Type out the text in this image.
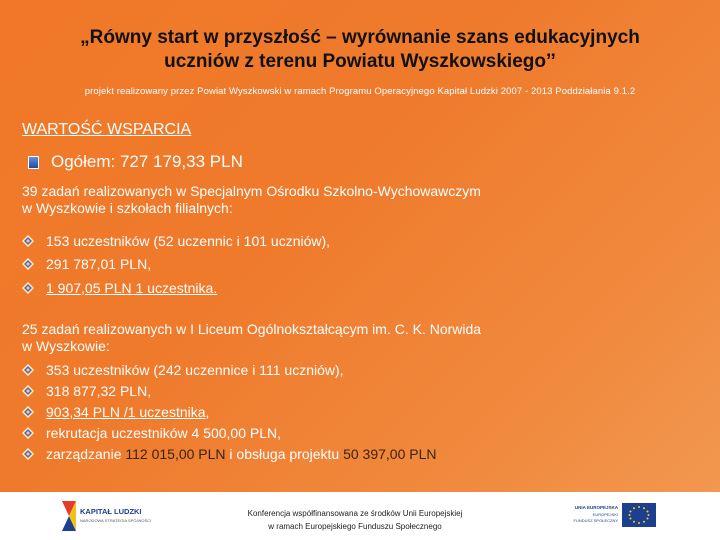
„Równy start w przyszłość – wyrównanie szans edukacyjnych
uczniów z terenu Powiatu Wyszkowskiego’’
projekt realizowany przez Powiat Wyszkowski w ramach Programu Operacyjnego Kapitał Ludzki 2007 - 2013 Poddziałania 9.1.2
WARTOŚĆ WSPARCIA
Ogółem: 727 179,33 PLN
39 zadań realizowanych w Specjalnym Ośrodku Szkolno-Wychowawczym
w Wyszkowie i szkołach filialnych:
153 uczestników (52 uczennic i 101 uczniów),
291 787,01 PLN,
1 907,05 PLN 1 uczestnika.
25 zadań realizowanych w I Liceum Ogólnokształcącym im. C. K. Norwida
w Wyszkowie:
353 uczestników (242 uczennice i 111 uczniów),
318 877,32 PLN,
903,34 PLN /1 uczestnika,
rekrutacja uczestników 4 500,00 PLN,
zarządzanie 112 015,00 PLN i obsługa projektu 50 397,00 PLN
KAPITAŁ LUDZKI
NARODOWA STRATEGIA SPÓJNOŚCI
Konferencja współfinansowana ze środków Unii Europejskiej
w ramach Europejskiego Funduszu Społecznego
UNIA EUROPEJSKA
EUROPEJSKI
FUNDUSZ SPOŁECZNY
